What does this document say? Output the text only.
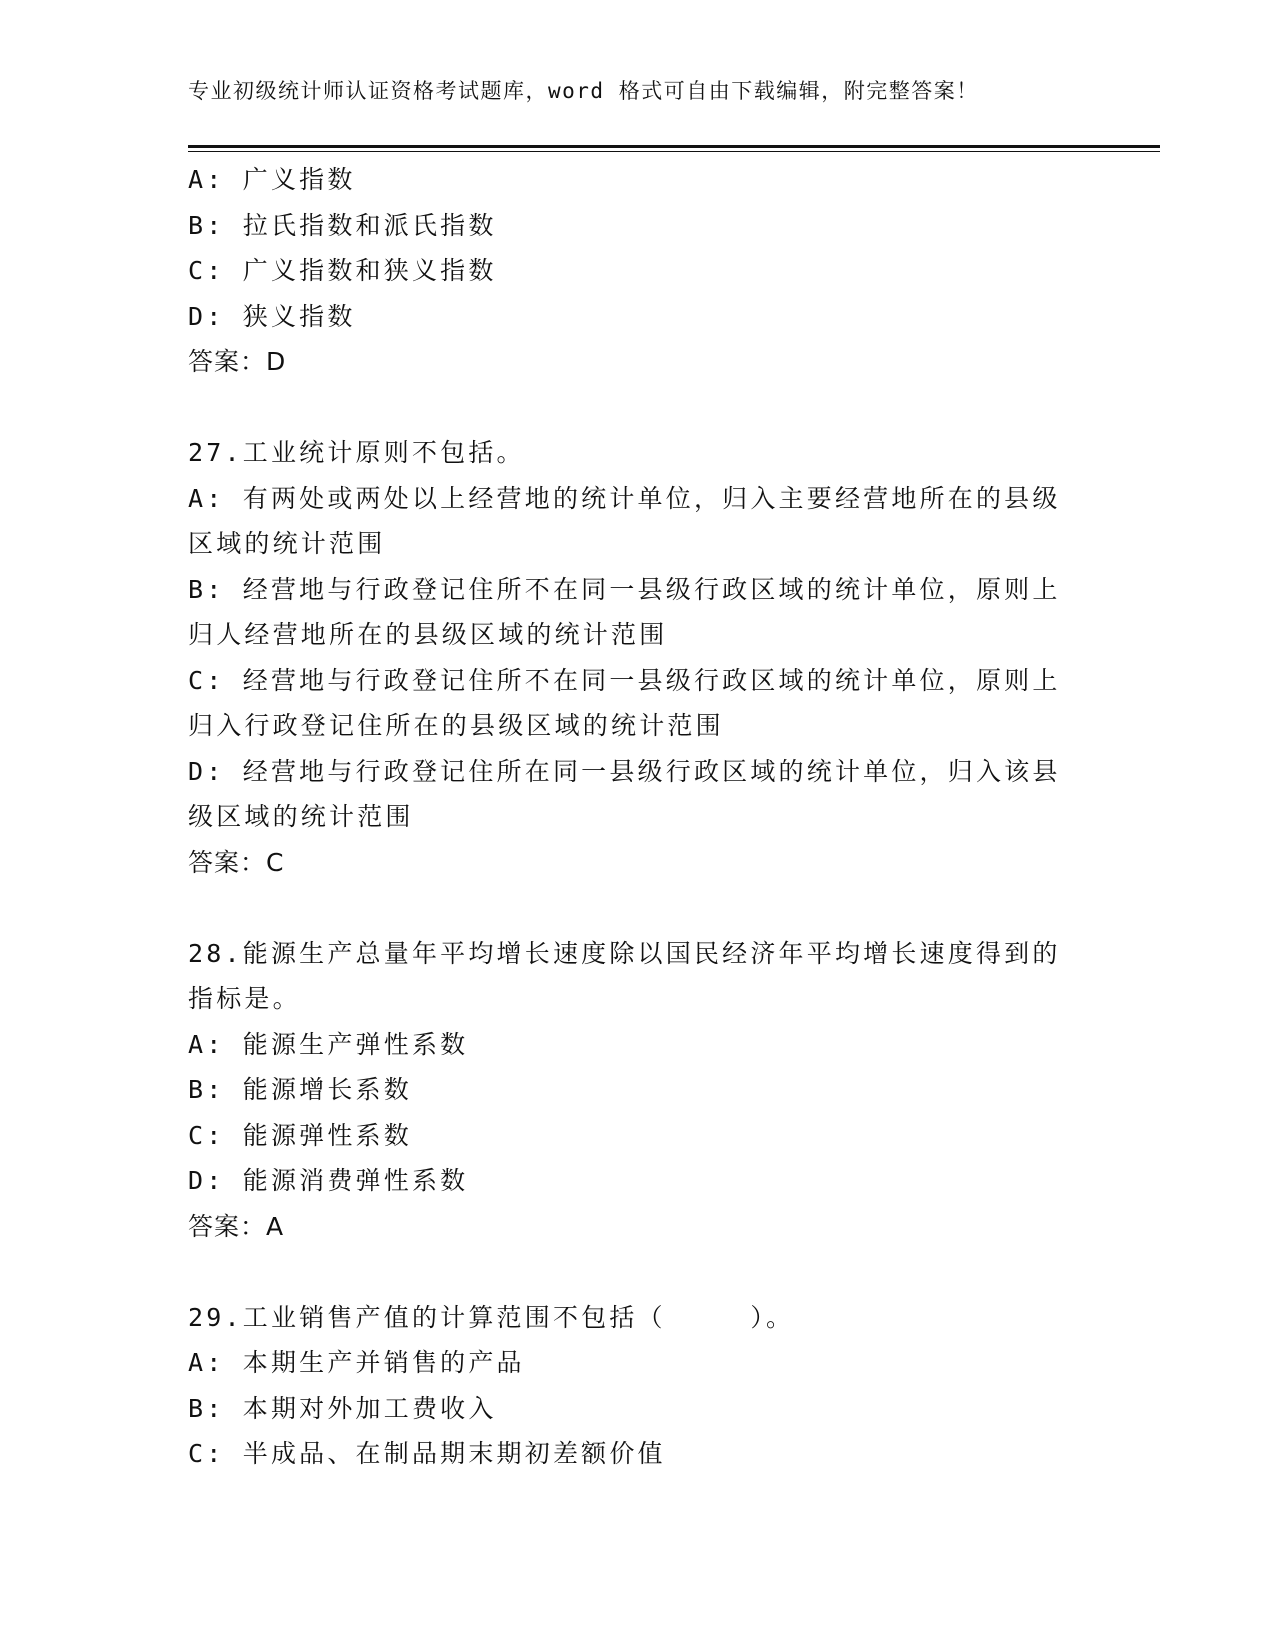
专业初级统计师认证资格考试题库，word 格式可自由下载编辑，附完整答案！
A: 广义指数
B: 拉氏指数和派氏指数
C: 广义指数和狭义指数
D: 狭义指数
答案：D
27.工业统计原则不包括。
A: 有两处或两处以上经营地的统计单位，归入主要经营地所在的县级
区域的统计范围
B: 经营地与行政登记住所不在同一县级行政区域的统计单位，原则上
归人经营地所在的县级区域的统计范围
C: 经营地与行政登记住所不在同一县级行政区域的统计单位，原则上
归入行政登记住所在的县级区域的统计范围
D: 经营地与行政登记住所在同一县级行政区域的统计单位，归入该县
级区域的统计范围
答案：C
28.能源生产总量年平均增长速度除以国民经济年平均增长速度得到的
指标是。
A: 能源生产弹性系数
B: 能源增长系数
C: 能源弹性系数
D: 能源消费弹性系数
答案：A
29.工业销售产值的计算范围不包括（　　　）。
A: 本期生产并销售的产品
B: 本期对外加工费收入
C: 半成品、在制品期末期初差额价值
